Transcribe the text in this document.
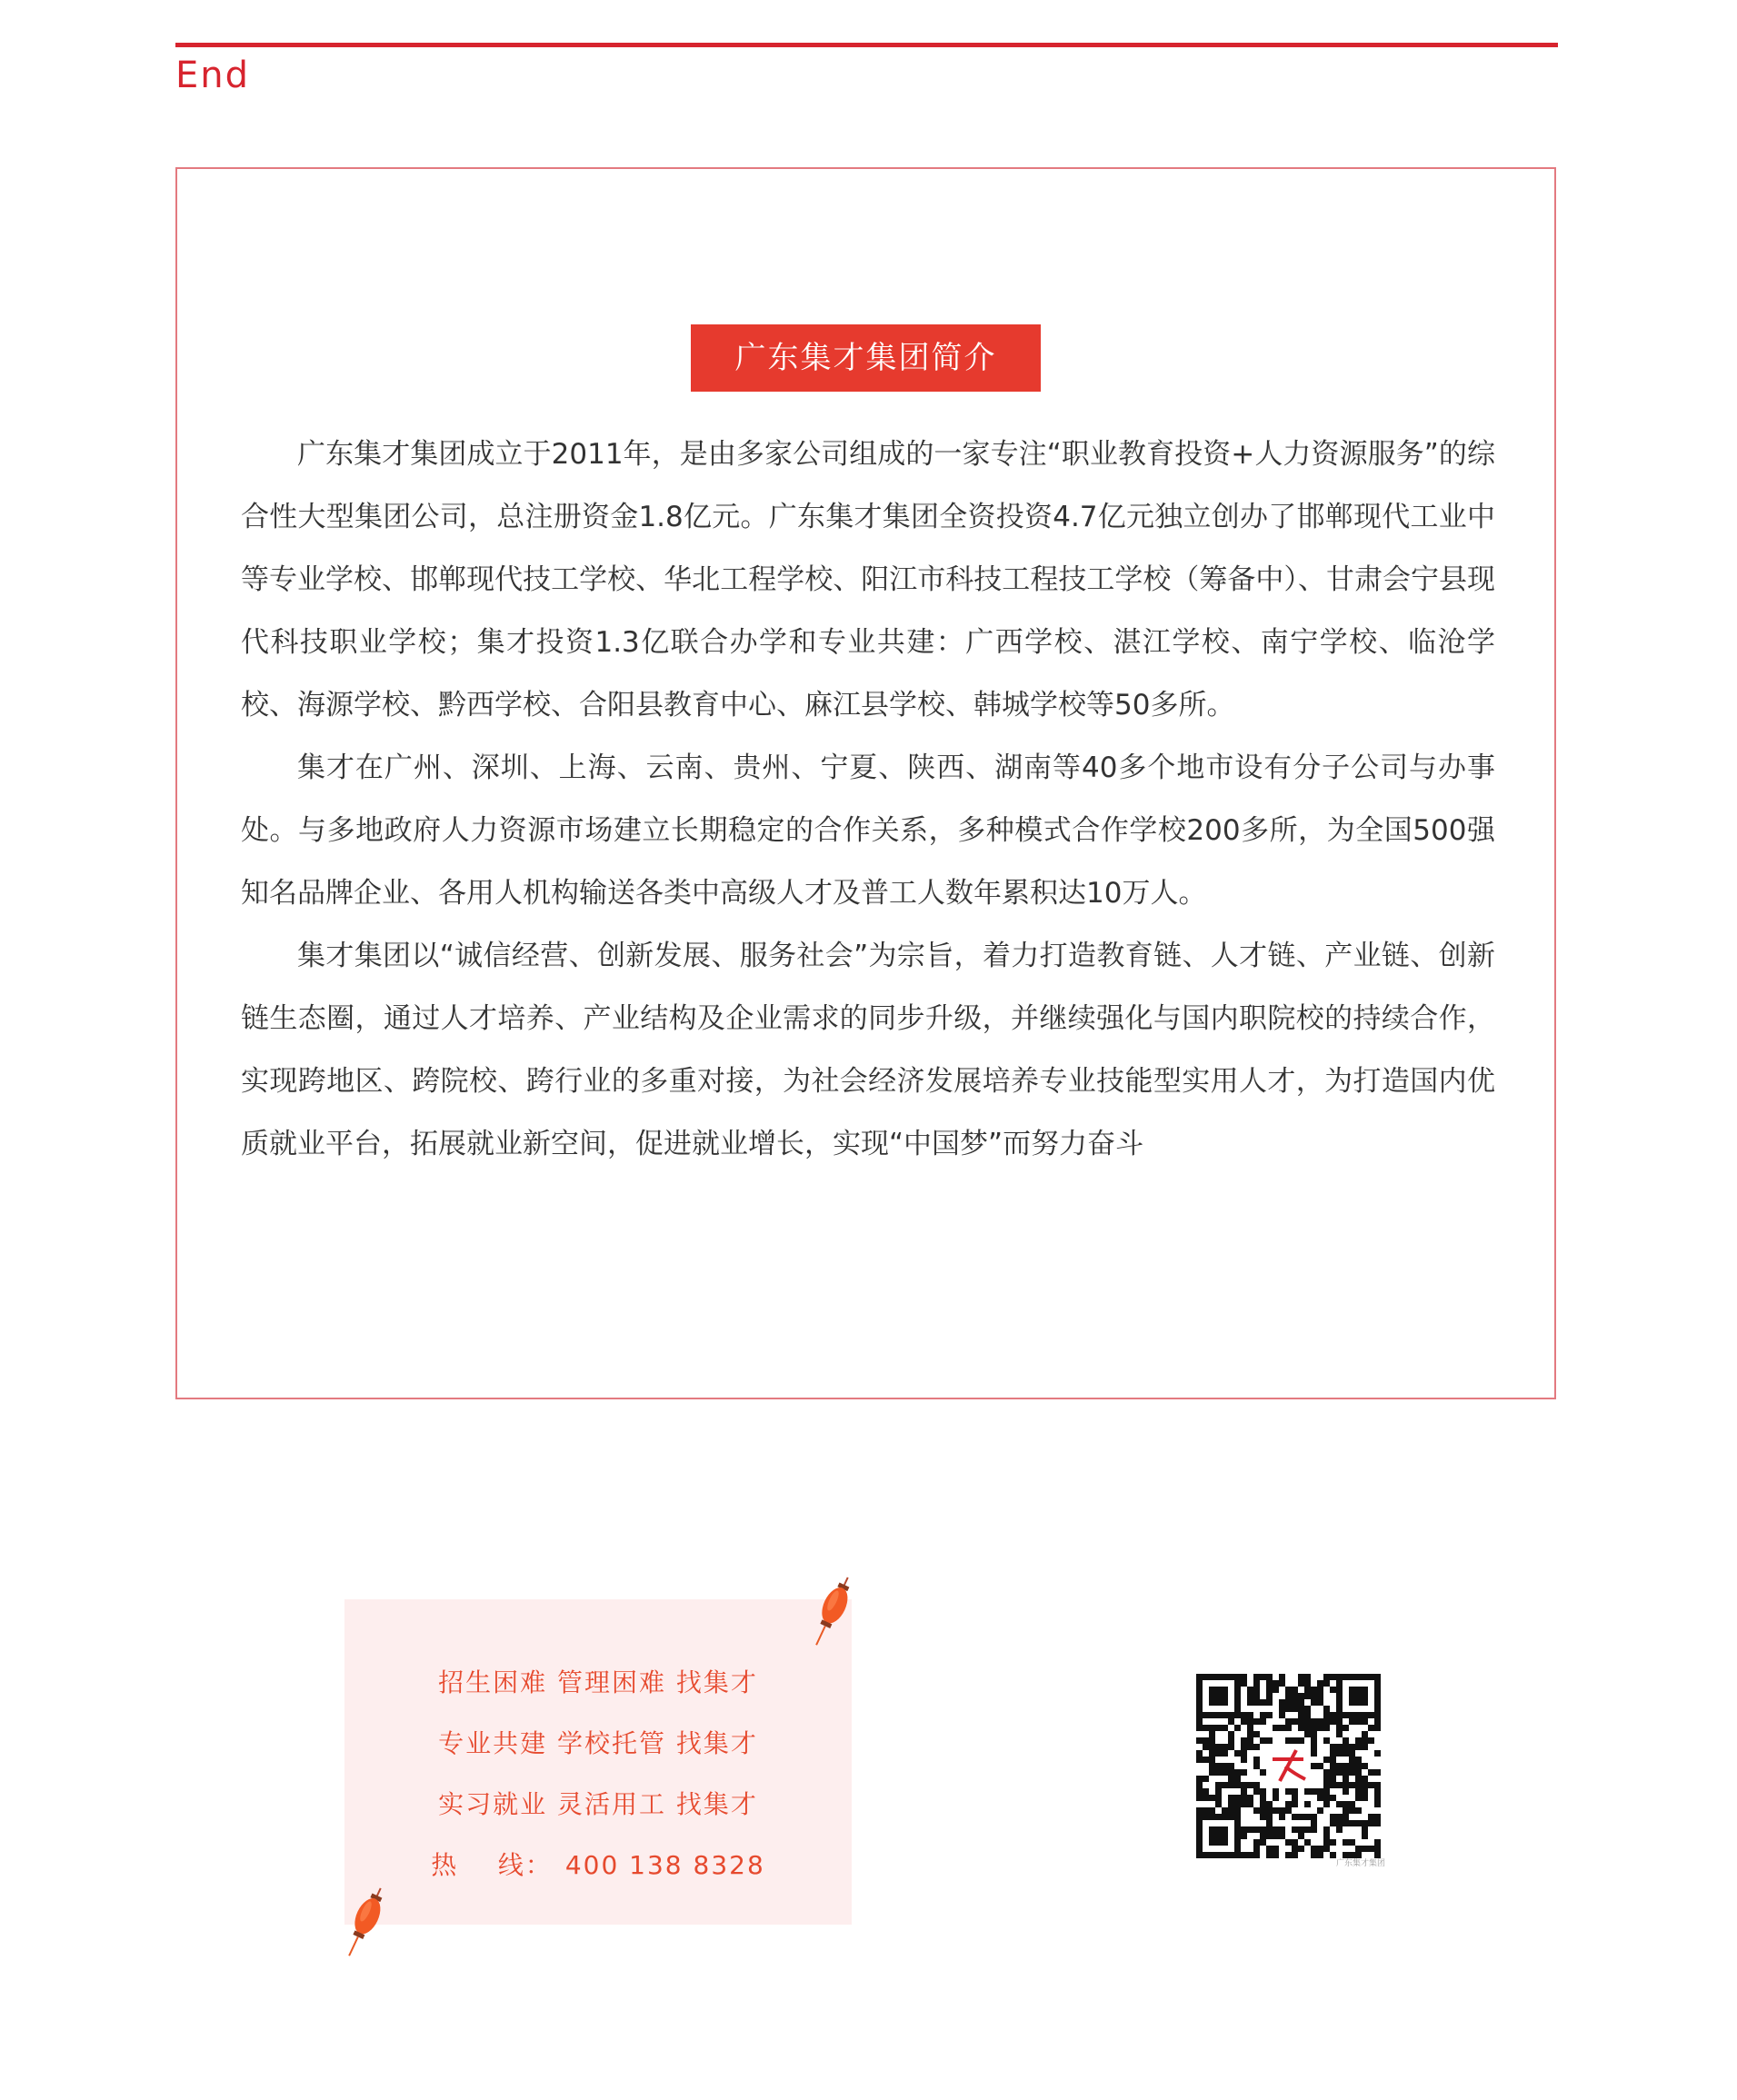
End
广东集才集团简介

广东集才集团成立于2011年，是由多家公司组成的一家专注“职业教育投资+人力资源服务”的综合性大型集团公司，总注册资金1.8亿元。广东集才集团全资投资4.7亿元独立创办了邯郸现代工业中等专业学校、邯郸现代技工学校、华北工程学校、阳江市科技工程技工学校（筹备中）、甘肃会宁县现代科技职业学校；集才投资1.3亿联合办学和专业共建：广西学校、湛江学校、南宁学校、临沧学校、海源学校、黔西学校、合阳县教育中心、麻江县学校、韩城学校等50多所。

集才在广州、深圳、上海、云南、贵州、宁夏、陕西、湖南等40多个地市设有分子公司与办事处。与多地政府人力资源市场建立长期稳定的合作关系，多种模式合作学校200多所，为全国500强知名品牌企业、各用人机构输送各类中高级人才及普工人数年累积达10万人。

集才集团以“诚信经营、创新发展、服务社会”为宗旨，着力打造教育链、人才链、产业链、创新链生态圈，通过人才培养、产业结构及企业需求的同步升级，并继续强化与国内职院校的持续合作，实现跨地区、跨院校、跨行业的多重对接，为社会经济发展培养专业技能型实用人才，为打造国内优质就业平台，拓展就业新空间，促进就业增长，实现“中国梦”而努力奋斗

招生困难 管理困难 找集才
专业共建 学校托管 找集才
实习就业 灵活用工 找集才
热    线： 400 138 8328	广东集才集团
